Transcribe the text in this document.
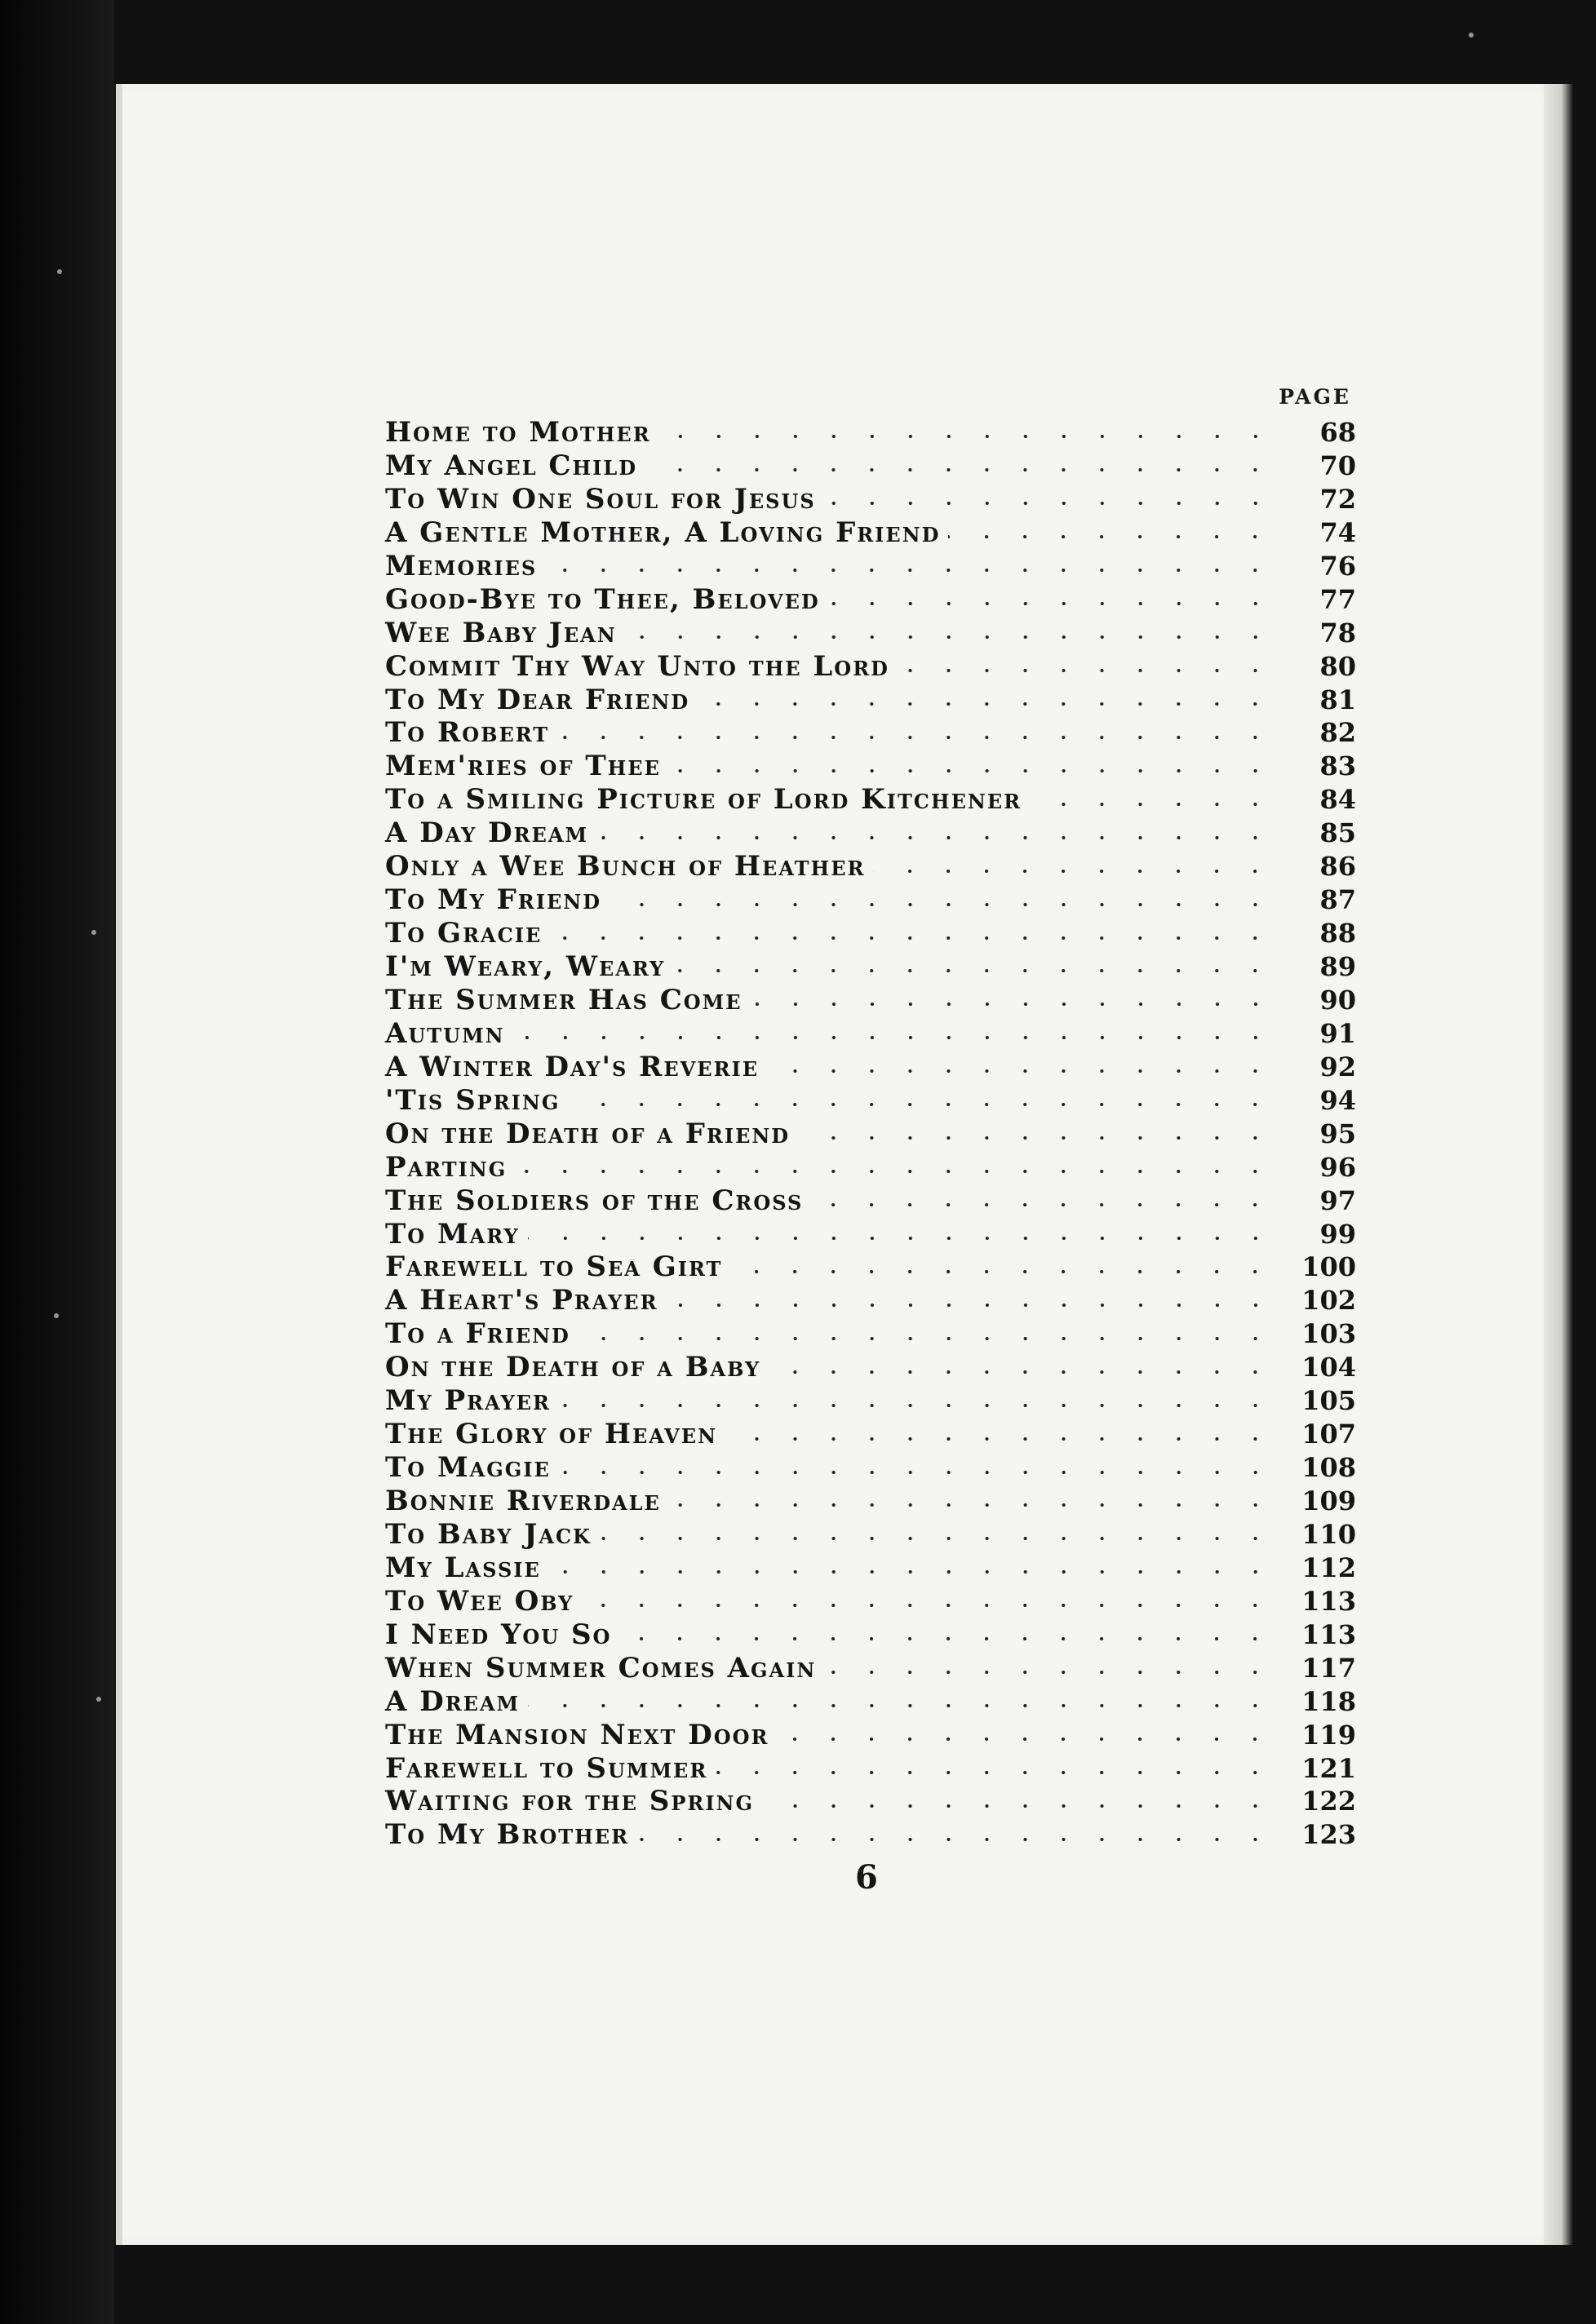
PAGE
Home to Mother	68
My Angel Child	70
To Win One Soul for Jesus	72
A Gentle Mother, A Loving Friend	74
Memories	76
Good-Bye to Thee, Beloved	77
Wee Baby Jean	78
Commit Thy Way Unto the Lord	80
To My Dear Friend	81
To Robert	82
Mem'ries of Thee	83
To a Smiling Picture of Lord Kitchener	84
A Day Dream	85
Only a Wee Bunch of Heather	86
To My Friend	87
To Gracie	88
I'm Weary, Weary	89
The Summer Has Come	90
Autumn	91
A Winter Day's Reverie	92
'Tis Spring	94
On the Death of a Friend	95
Parting	96
The Soldiers of the Cross	97
To Mary	99
Farewell to Sea Girt	100
A Heart's Prayer	102
To a Friend	103
On the Death of a Baby	104
My Prayer	105
The Glory of Heaven	107
To Maggie	108
Bonnie Riverdale	109
To Baby Jack	110
My Lassie	112
To Wee Oby	113
I Need You So	113
When Summer Comes Again	117
A Dream	118
The Mansion Next Door	119
Farewell to Summer	121
Waiting for the Spring	122
To My Brother	123
6
